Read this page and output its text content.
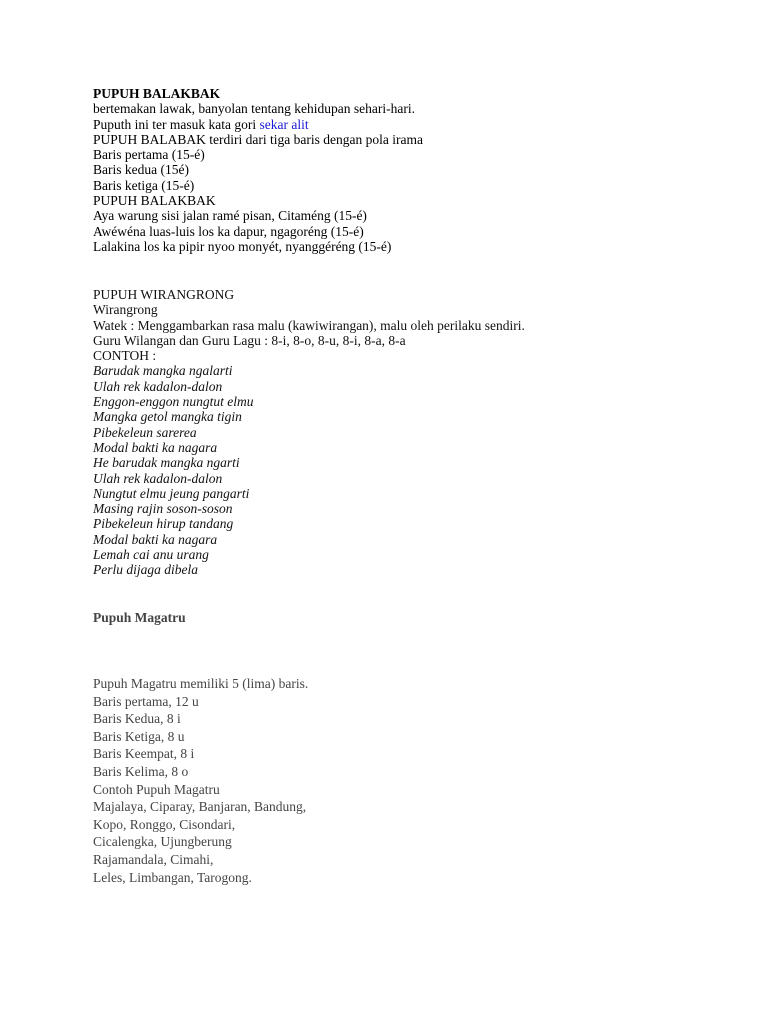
PUPUH BALAKBAK
bertemakan lawak, banyolan tentang kehidupan sehari-hari.
Puputh ini ter masuk kata gori sekar alit
PUPUH BALABAK terdiri dari tiga baris dengan pola irama
Baris pertama (15-é)
Baris kedua (15é)
Baris ketiga (15-é)
PUPUH BALAKBAK
Aya warung sisi jalan ramé pisan, Citaméng (15-é)
Awéwéna luas-luis los ka dapur, ngagoréng (15-é)
Lalakina los ka pipir nyoo monyét, nyanggéréng (15-é)
PUPUH WIRANGRONG
Wirangrong
Watek : Menggambarkan rasa malu (kawiwirangan), malu oleh perilaku sendiri.
Guru Wilangan dan Guru Lagu : 8-i, 8-o, 8-u, 8-i, 8-a, 8-a
CONTOH :
Barudak mangka ngalarti
Ulah rek kadalon-dalon
Enggon-enggon nungtut elmu
Mangka getol mangka tigin
Pibekeleun sarerea
Modal bakti ka nagara
He barudak mangka ngarti
Ulah rek kadalon-dalon
Nungtut elmu jeung pangarti
Masing rajin soson-soson
Pibekeleun hirup tandang
Modal bakti ka nagara
Lemah cai anu urang
Perlu dijaga dibela
Pupuh Magatru
Pupuh Magatru memiliki 5 (lima) baris.
Baris pertama, 12 u
Baris Kedua, 8 i
Baris Ketiga, 8 u
Baris Keempat, 8 i
Baris Kelima, 8 o
Contoh Pupuh Magatru
Majalaya, Ciparay, Banjaran, Bandung,
Kopo, Ronggo, Cisondari,
Cicalengka, Ujungberung
Rajamandala, Cimahi,
Leles, Limbangan, Tarogong.
